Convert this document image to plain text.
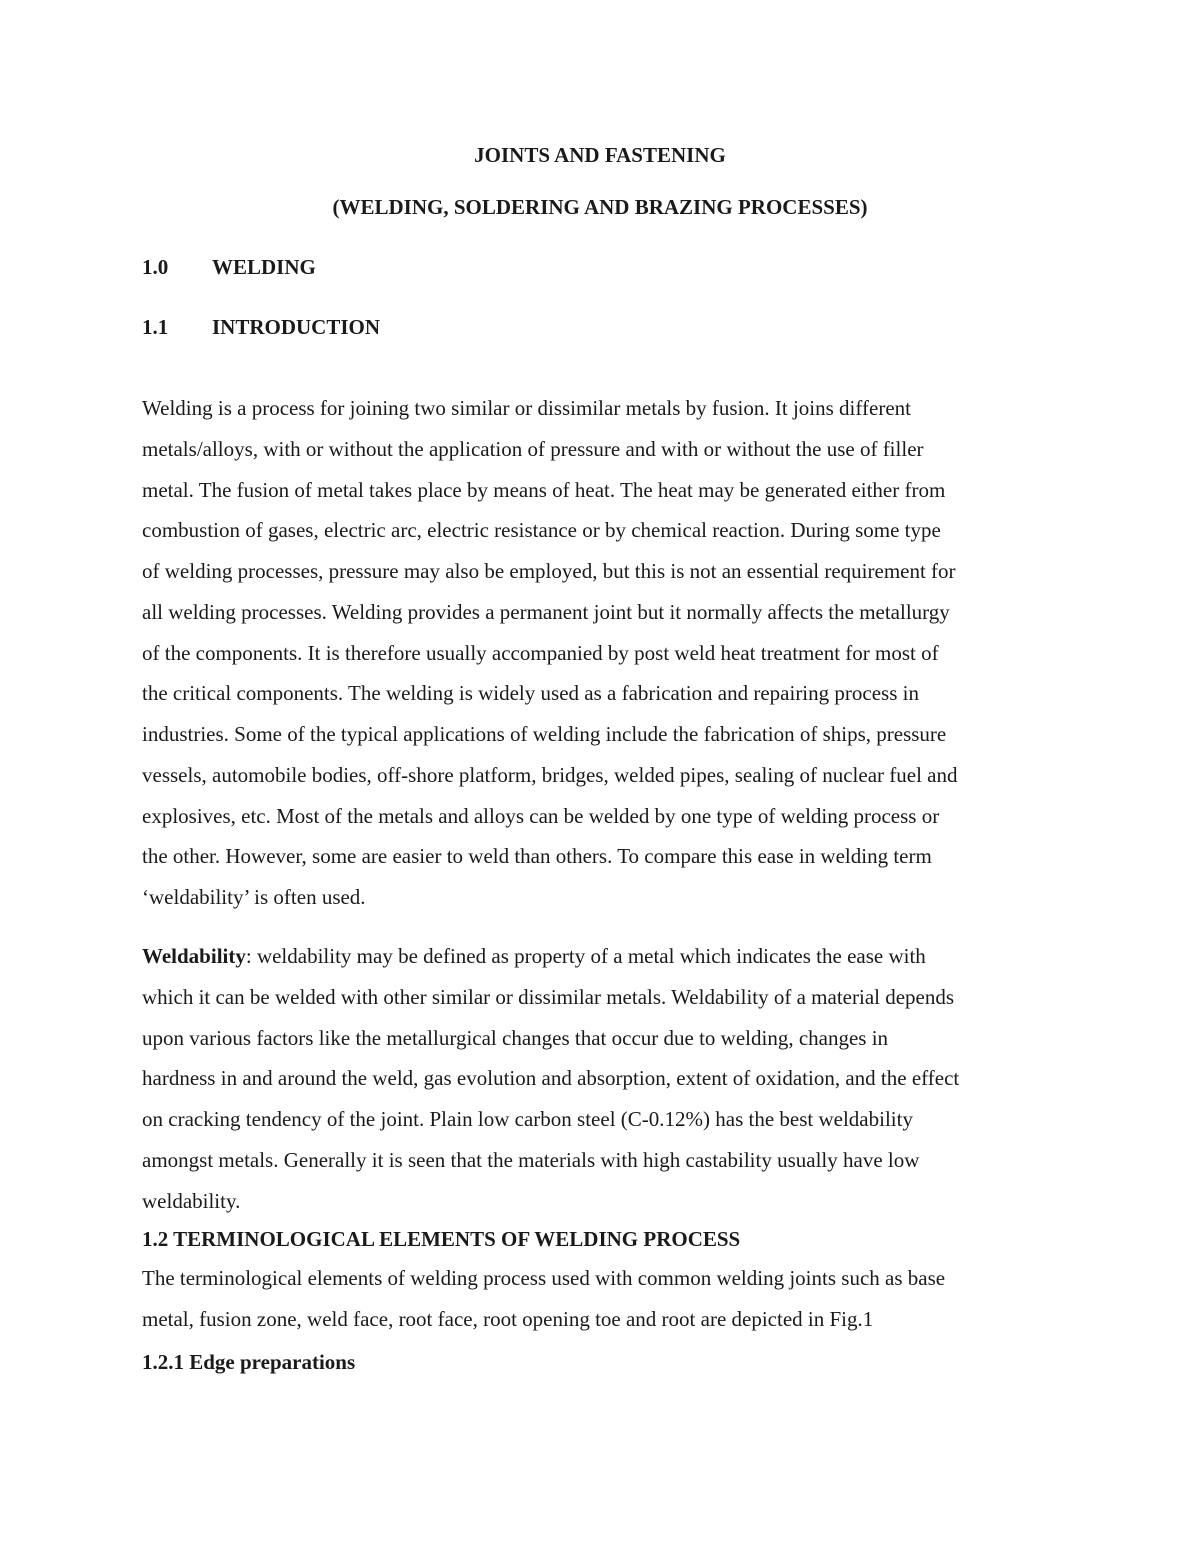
JOINTS AND FASTENING

(WELDING, SOLDERING AND BRAZING PROCESSES)

1.0 WELDING

1.1 INTRODUCTION

Welding is a process for joining two similar or dissimilar metals by fusion. It joins different
metals/alloys, with or without the application of pressure and with or without the use of filler
metal. The fusion of metal takes place by means of heat. The heat may be generated either from
combustion of gases, electric arc, electric resistance or by chemical reaction. During some type
of welding processes, pressure may also be employed, but this is not an essential requirement for
all welding processes. Welding provides a permanent joint but it normally affects the metallurgy
of the components. It is therefore usually accompanied by post weld heat treatment for most of
the critical components. The welding is widely used as a fabrication and repairing process in
industries. Some of the typical applications of welding include the fabrication of ships, pressure
vessels, automobile bodies, off-shore platform, bridges, welded pipes, sealing of nuclear fuel and
explosives, etc. Most of the metals and alloys can be welded by one type of welding process or
the other. However, some are easier to weld than others. To compare this ease in welding term
‘weldability’ is often used.
Weldability: weldability may be defined as property of a metal which indicates the ease with
which it can be welded with other similar or dissimilar metals. Weldability of a material depends
upon various factors like the metallurgical changes that occur due to welding, changes in
hardness in and around the weld, gas evolution and absorption, extent of oxidation, and the effect
on cracking tendency of the joint. Plain low carbon steel (C-0.12%) has the best weldability
amongst metals. Generally it is seen that the materials with high castability usually have low
weldability.

1.2 TERMINOLOGICAL ELEMENTS OF WELDING PROCESS

The terminological elements of welding process used with common welding joints such as base
metal, fusion zone, weld face, root face, root opening toe and root are depicted in Fig.1

1.2.1 Edge preparations
